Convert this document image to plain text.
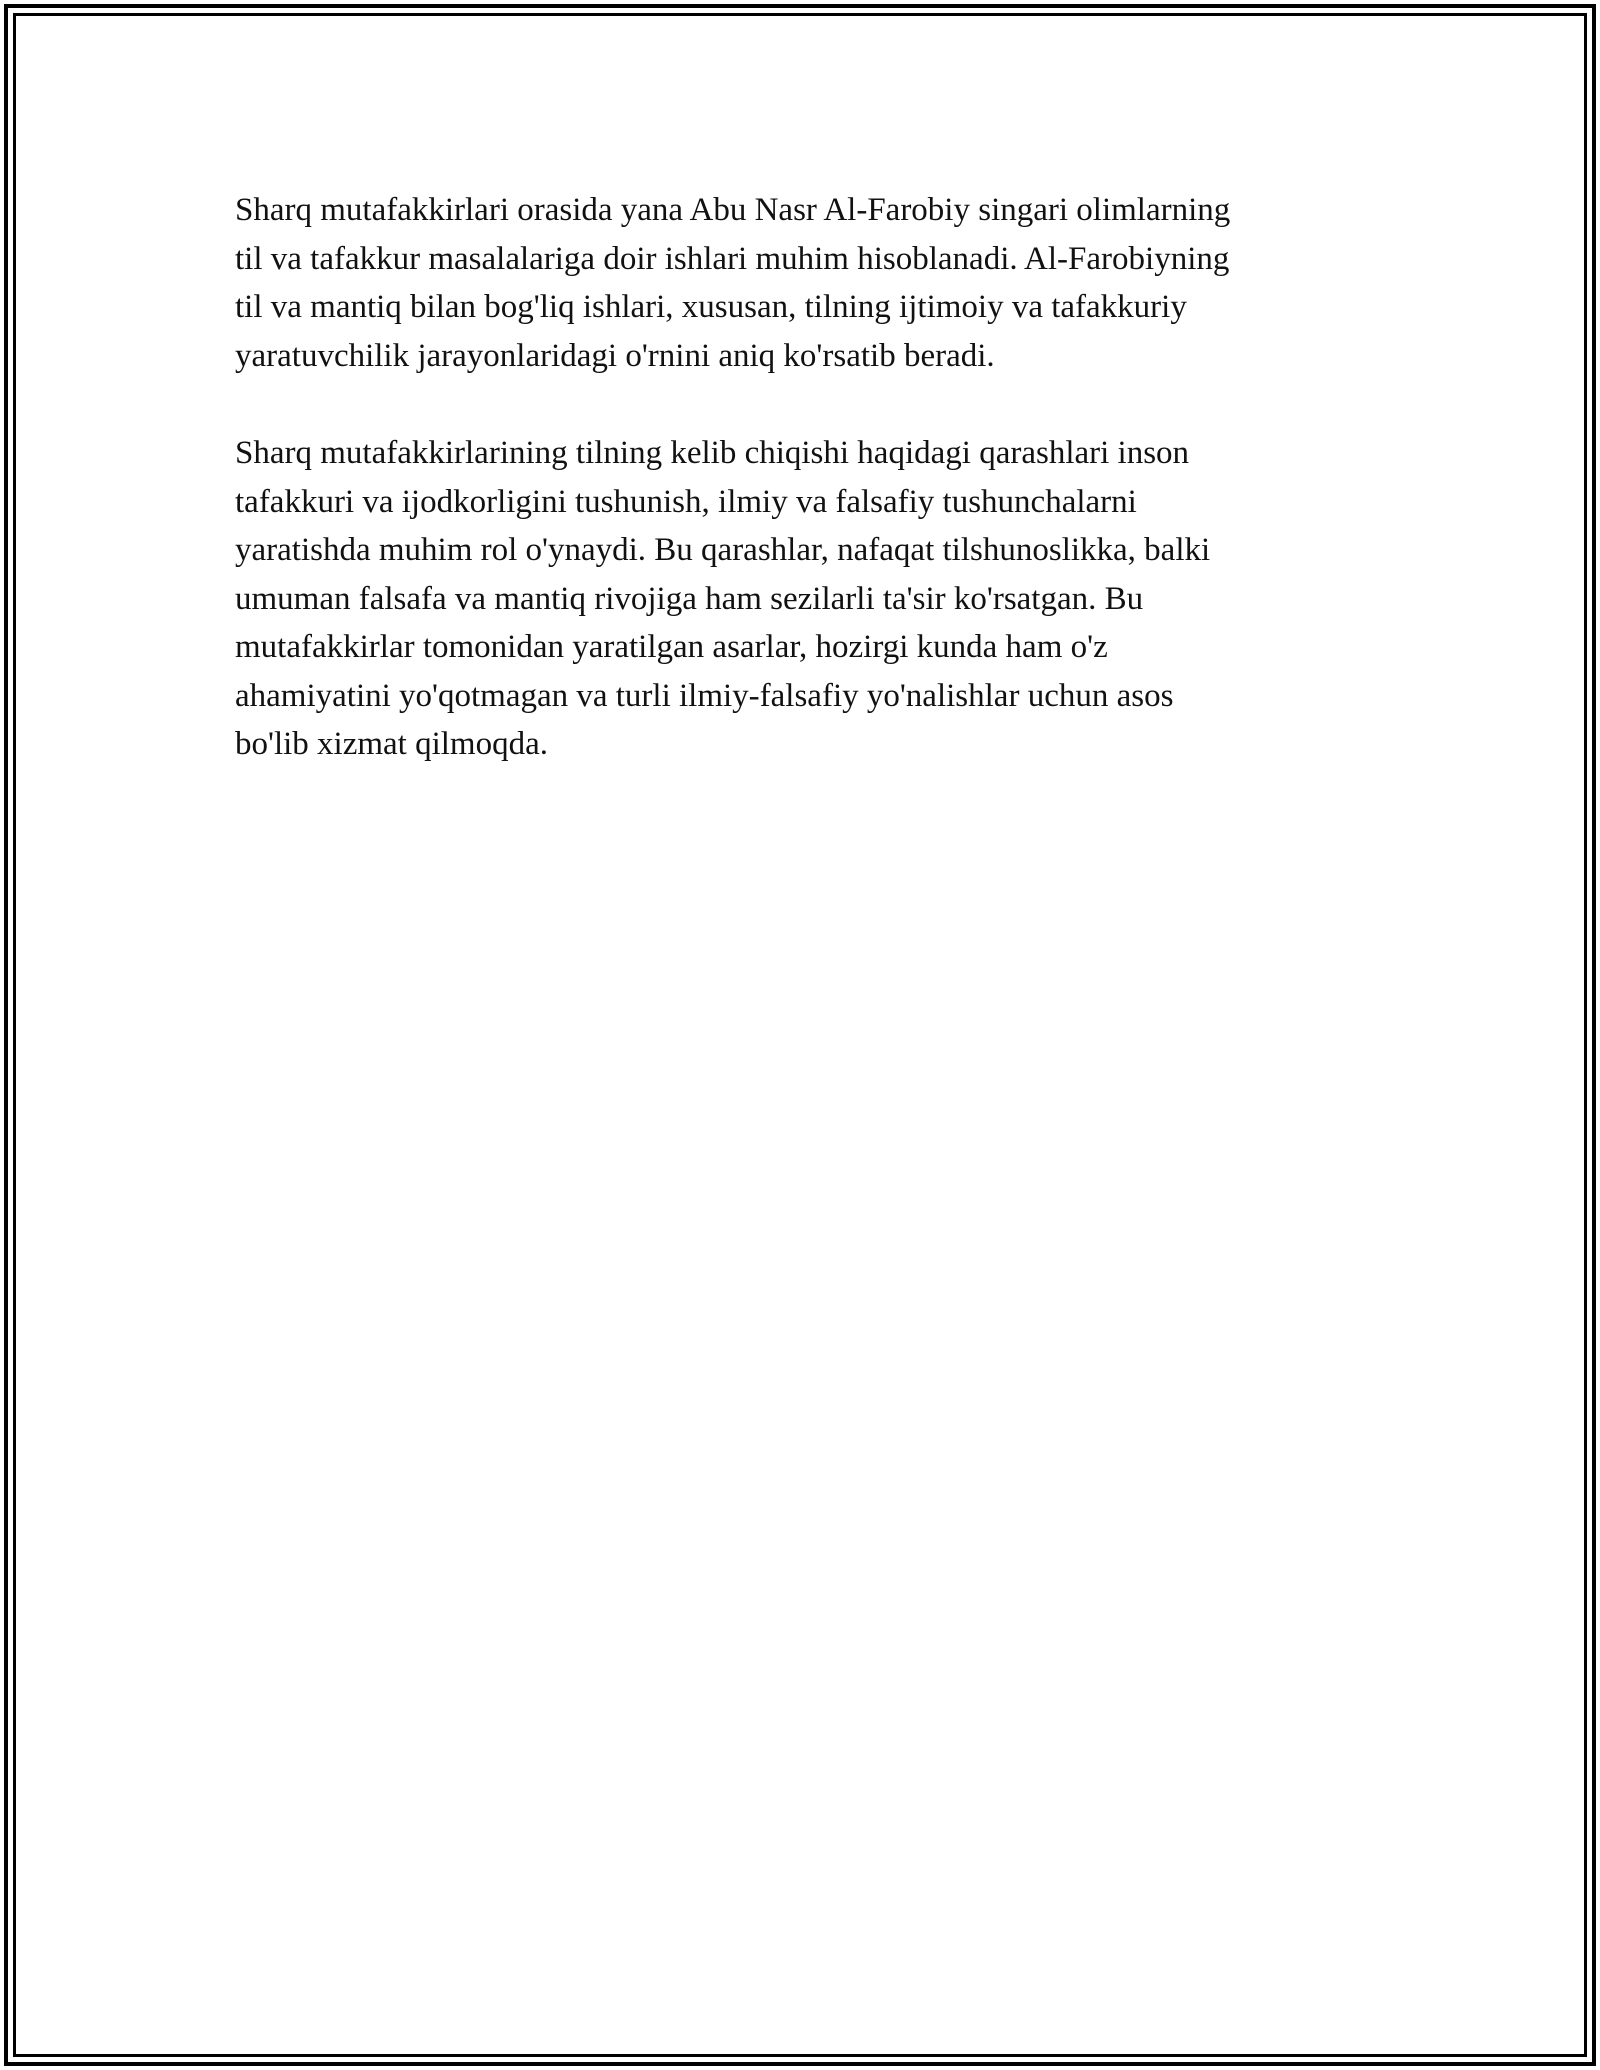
Sharq mutafakkirlari orasida yana Abu Nasr Al-Farobiy singari olimlarning
til va tafakkur masalalariga doir ishlari muhim hisoblanadi. Al-Farobiyning
til va mantiq bilan bog'liq ishlari, xususan, tilning ijtimoiy va tafakkuriy
yaratuvchilik jarayonlaridagi o'rnini aniq ko'rsatib beradi.

Sharq mutafakkirlarining tilning kelib chiqishi haqidagi qarashlari inson
tafakkuri va ijodkorligini tushunish, ilmiy va falsafiy tushunchalarni
yaratishda muhim rol o'ynaydi. Bu qarashlar, nafaqat tilshunoslikka, balki
umuman falsafa va mantiq rivojiga ham sezilarli ta'sir ko'rsatgan. Bu
mutafakkirlar tomonidan yaratilgan asarlar, hozirgi kunda ham o'z
ahamiyatini yo'qotmagan va turli ilmiy-falsafiy yo'nalishlar uchun asos
bo'lib xizmat qilmoqda.
